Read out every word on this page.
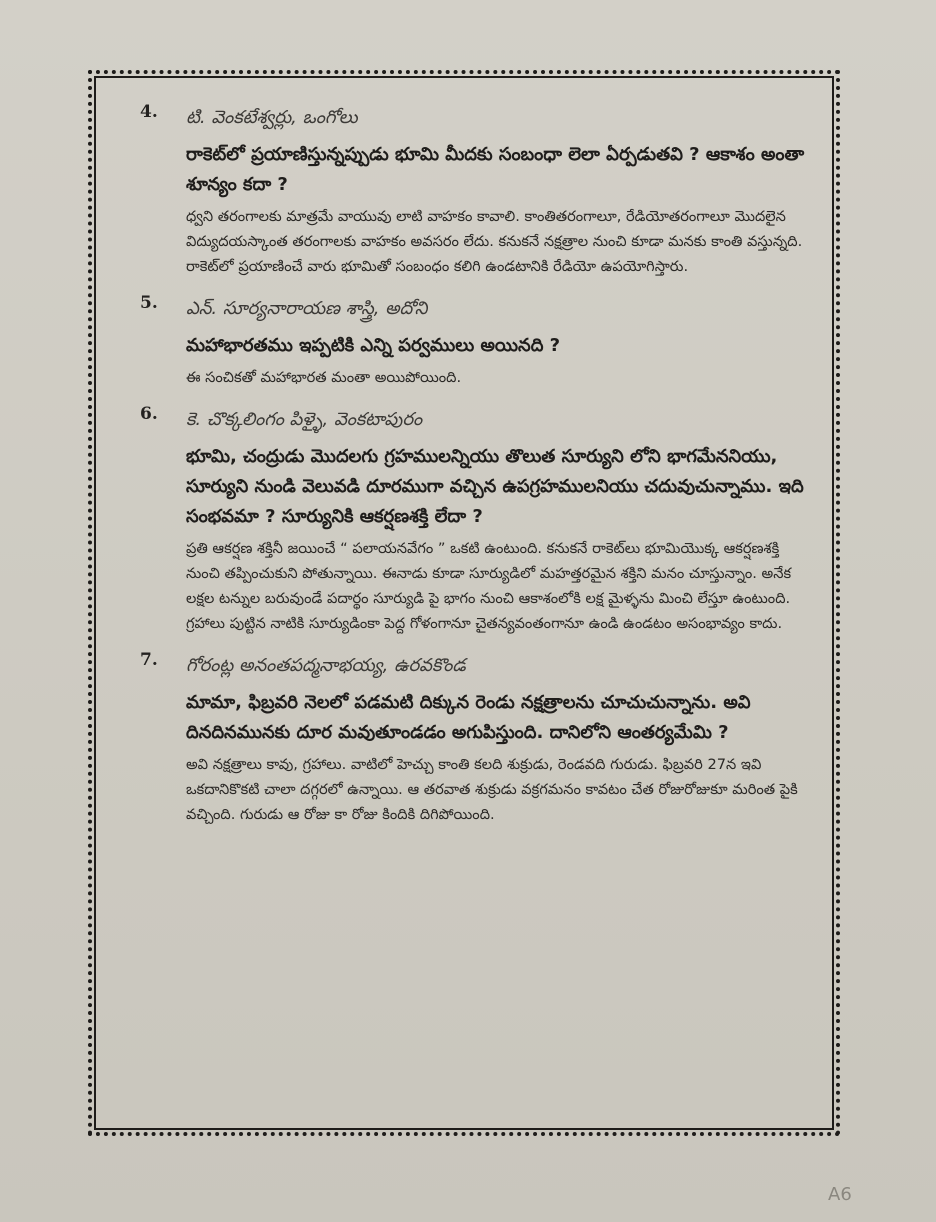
4. టి. వెంకటేశ్వర్లు, ఒంగోలు
రాకెట్‌లో ప్రయాణిస్తున్నప్పుడు భూమి మీదకు సంబంధా లెలా ఏర్పడుతవి ? ఆకాశం అంతా శూన్యం కదా ?
ధ్వని తరంగాలకు మాత్రమే వాయువు లాటి వాహకం కావాలి. కాంతితరంగాలూ, రేడియోతరంగాలూ మొదలైన విద్యుదయస్కాంత తరంగాలకు వాహకం అవసరం లేదు. కనుకనే నక్షత్రాల నుంచి కూడా మనకు కాంతి వస్తున్నది. రాకెట్‌లో ప్రయాణించే వారు భూమితో సంబంధం కలిగి ఉండటానికి రేడియో ఉపయోగిస్తారు.
5. ఎన్. సూర్యనారాయణ శాస్త్రి, అదోని
మహాభారతము ఇప్పటికి ఎన్ని పర్వములు అయినది ?
ఈ సంచికతో మహాభారత మంతా అయిపోయింది.
6. కె. చొక్కలింగం పిళ్ళై, వెంకటాపురం
భూమి, చంద్రుడు మొదలగు గ్రహములన్నియు తొలుత సూర్యుని లోని భాగమేననియు, సూర్యుని నుండి వెలువడి దూరముగా వచ్చిన ఉపగ్రహములనియు చదువుచున్నాము. ఇది సంభవమా ? సూర్యునికి ఆకర్షణశక్తి లేదా ?
ప్రతి ఆకర్షణ శక్తినీ జయించే “ పలాయనవేగం ” ఒకటి ఉంటుంది. కనుకనే రాకెట్‌లు భూమియొక్క ఆకర్షణశక్తి నుంచి తప్పించుకుని పోతున్నాయి. ఈనాడు కూడా సూర్యుడిలో మహత్తరమైన శక్తిని మనం చూస్తున్నాం. అనేక లక్షల టన్నుల బరువుండే పదార్థం సూర్యుడి పై భాగం నుంచి ఆకాశంలోకి లక్ష మైళ్ళను మించి లేస్తూ ఉంటుంది. గ్రహాలు పుట్టిన నాటికి సూర్యుడింకా పెద్ద గోళంగానూ చైతన్యవంతంగానూ ఉండి ఉండటం అసంభావ్యం కాదు.
7. గోరంట్ల అనంతపద్మనాభయ్య, ఉరవకొండ
మామా, ఫిబ్రవరి నెలలో పడమటి దిక్కున రెండు నక్షత్రాలను చూచుచున్నాను. అవి దినదినమునకు దూర మవుతూండడం అగుపిస్తుంది. దానిలోని ఆంతర్యమేమి ?
అవి నక్షత్రాలు కావు, గ్రహాలు. వాటిలో హెచ్చు కాంతి కలది శుక్రుడు, రెండవది గురుడు. ఫిబ్రవరి 27న ఇవి ఒకదానికొకటి చాలా దగ్గరలో ఉన్నాయి. ఆ తరవాత శుక్రుడు వక్రగమనం కావటం చేత రోజురోజుకూ మరింత పైకి వచ్చింది. గురుడు ఆ రోజు కా రోజు కిందికి దిగిపోయింది.
A6
